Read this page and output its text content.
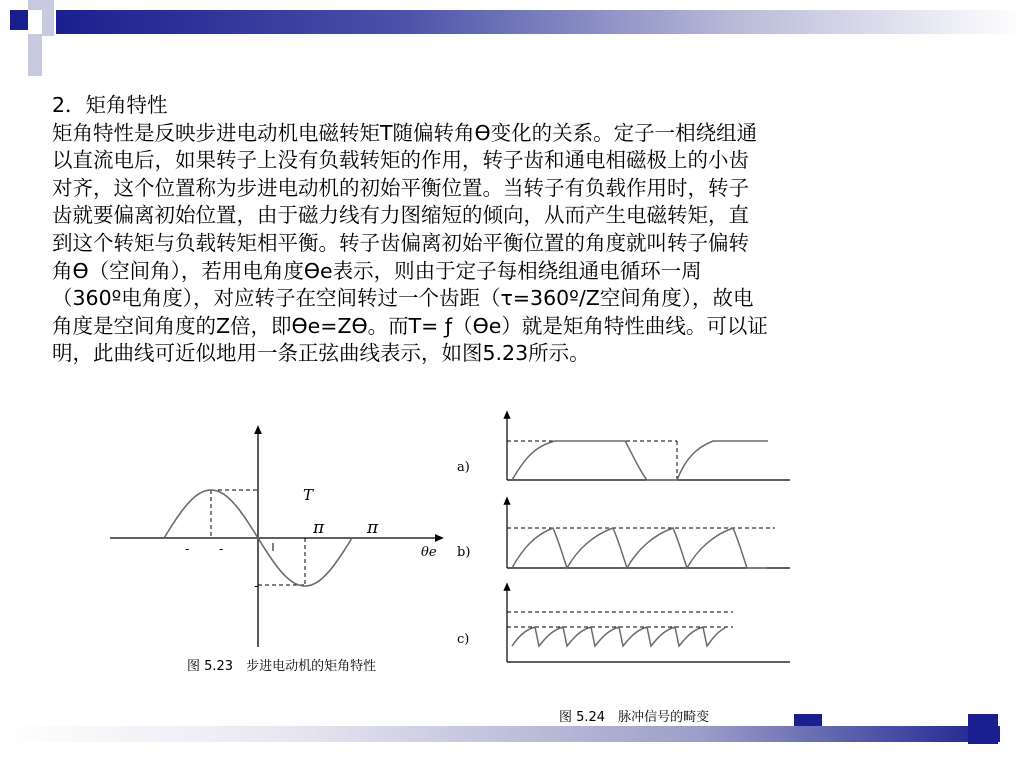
2．矩角特性

矩角特性是反映步进电动机电磁转矩T随偏转角Ɵ变化的关系。定子一相绕组通

以直流电后，如果转子上没有负载转矩的作用，转子齿和通电相磁极上的小齿

对齐，这个位置称为步进电动机的初始平衡位置。当转子有负载作用时，转子

齿就要偏离初始位置，由于磁力线有力图缩短的倾向，从而产生电磁转矩，直

到这个转矩与负载转矩相平衡。转子齿偏离初始平衡位置的角度就叫转子偏转

角Ɵ（空间角），若用电角度Ɵe表示，则由于定子每相绕组通电循环一周

（360º电角度），对应转子在空间转过一个齿距（τ=360º/Z空间角度），故电

角度是空间角度的Z倍，即Ɵe=ZƟ。而T= ƒ（Ɵe）就是矩角特性曲线。可以证

明，此曲线可近似地用一条正弦曲线表示，如图5.23所示。

T
π	π
θe
- -
-
图 5.23　步进电动机的矩角特性
a)
b)
c)
图 5.24　脉冲信号的畸变
